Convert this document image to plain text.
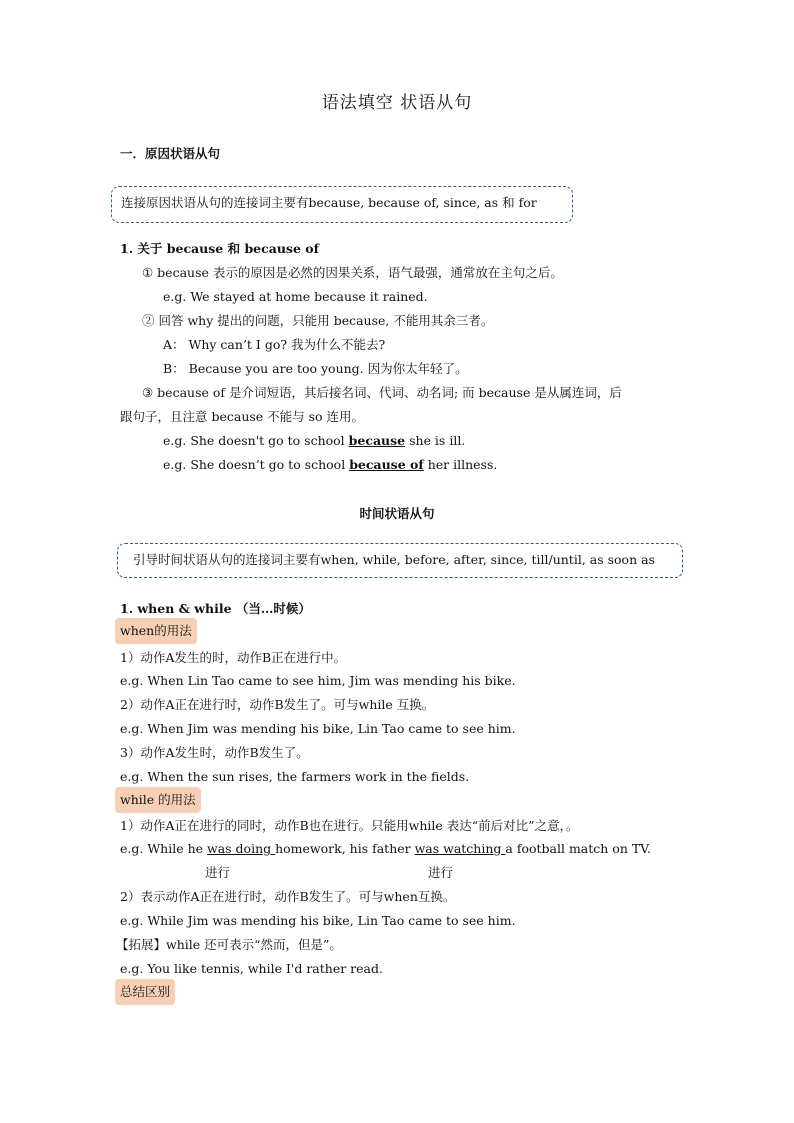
语法填空 状语从句
一．原因状语从句
连接原因状语从句的连接词主要有because, because of, since, as 和 for
1. 关于 because 和 because of
① because 表示的原因是必然的因果关系，语气最强，通常放在主句之后。
e.g. We stayed at home because it rained.
② 回答 why 提出的问题，只能用 because, 不能用其余三者。
A： Why can’t I go? 我为什么不能去?
B： Because you are too young. 因为你太年轻了。
③ because of 是介词短语，其后接名词、代词、动名词; 而 because 是从属连词，后
跟句子，且注意 because 不能与 so 连用。
e.g. She doesn't go to school because she is ill.
e.g. She doesn’t go to school because of her illness.
时间状语从句
引导时间状语从句的连接词主要有when, while, before, after, since, till/until, as soon as
1. when & while （当…时候）
when的用法
1）动作A发生的时，动作B正在进行中。
e.g. When Lin Tao came to see him, Jim was mending his bike.
2）动作A正在进行时，动作B发生了。可与while 互换。
e.g. When Jim was mending his bike, Lin Tao came to see him.
3）动作A发生时，动作B发生了。
e.g. When the sun rises, the farmers work in the fields.
while 的用法
1）动作A正在进行的同时，动作B也在进行。只能用while 表达“前后对比”之意，。
e.g. While he was doing homework, his father was watching a football match on TV.
进行	进行
2）表示动作A正在进行时，动作B发生了。可与when互换。
e.g. While Jim was mending his bike, Lin Tao came to see him.
【拓展】while 还可表示“然而，但是”。
e.g. You like tennis, while I'd rather read.
总结区别
